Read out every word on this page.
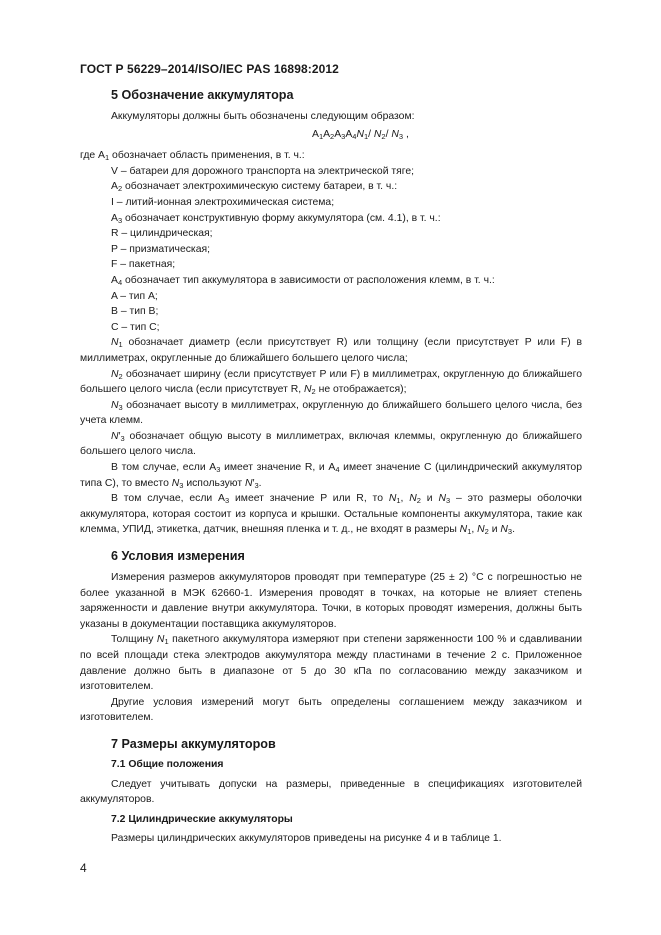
ГОСТ Р 56229–2014/ISO/IEC PAS 16898:2012

5 Обозначение аккумулятора

Аккумуляторы должны быть обозначены следующим образом:

$A_1A_2A_3A_4N_1/$ $N_2/$ $N_3$ ,

где $A_1$ обозначает область применения, в т. ч.:

V – батареи для дорожного транспорта на электрической тяге;

$A_2$ обозначает электрохимическую систему батареи, в т. ч.:

I – литий-ионная электрохимическая система;

$A_3$ обозначает конструктивную форму аккумулятора (см. 4.1), в т. ч.:

R – цилиндрическая;

P – призматическая;

F – пакетная;

$A_4$ обозначает тип аккумулятора в зависимости от расположения клемм, в т. ч.:

A – тип A;

B – тип B;

C – тип C;

$N_1$ обозначает диаметр (если присутствует R) или толщину (если присутствует P или F) в миллиметрах, округленные до ближайшего большего целого числа;

$N_2$ обозначает ширину (если присутствует P или F) в миллиметрах, округленную до ближайшего большего целого числа (если присутствует R, $N_2$ не отображается);

$N_3$ обозначает высоту в миллиметрах, округленную до ближайшего большего целого числа, без учета клемм.

$N'_3$ обозначает общую высоту в миллиметрах, включая клеммы, округленную до ближайшего большего целого числа.

В том случае, если $A_3$ имеет значение R, и $A_4$ имеет значение C (цилиндрический аккумулятор типа C), то вместо $N_3$ используют $N'_3$.

В том случае, если $A_3$ имеет значение P или R, то $N_1$, $N_2$ и $N_3$ – это размеры оболочки аккумулятора, которая состоит из корпуса и крышки. Остальные компоненты аккумулятора, такие как клемма, УПИД, этикетка, датчик, внешняя пленка и т. д., не входят в размеры $N_1$, $N_2$ и $N_3$.

6 Условия измерения

Измерения размеров аккумуляторов проводят при температуре (25 ± 2) °C с погрешностью не более указанной в МЭК 62660-1. Измерения проводят в точках, на которые не влияет степень заряженности и давление внутри аккумулятора. Точки, в которых проводят измерения, должны быть указаны в документации поставщика аккумуляторов.

Толщину $N_1$ пакетного аккумулятора измеряют при степени заряженности 100 % и сдавливании по всей площади стека электродов аккумулятора между пластинами в течение 2 с. Приложенное давление должно быть в диапазоне от 5 до 30 кПа по согласованию между заказчиком и изготовителем.

Другие условия измерений могут быть определены соглашением между заказчиком и изготовителем.

7 Размеры аккумуляторов

7.1 Общие положения

Следует учитывать допуски на размеры, приведенные в спецификациях изготовителей аккумуляторов.

7.2 Цилиндрические аккумуляторы

Размеры цилиндрических аккумуляторов приведены на рисунке 4 и в таблице 1.

4
